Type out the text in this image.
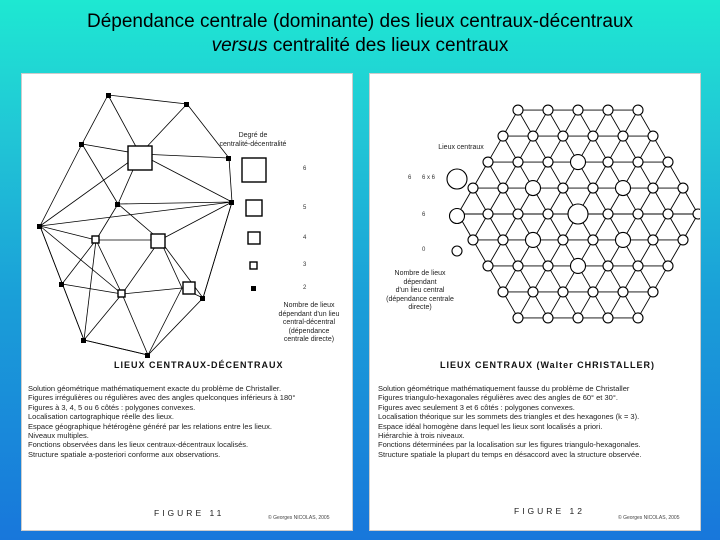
Dépendance centrale (dominante) des lieux centraux-décentraux
versus centralité des lieux centraux
Degré de
centralité-décentralité
6
5
4
3
2
Nombre de lieux
dépendant d'un lieu
central-décentral
(dépendance
centrale directe)
LIEUX CENTRAUX-DÉCENTRAUX
Solution géométrique mathématiquement exacte du problème de Christaller.
Figures irrégulières ou régulières avec des angles quelconques inférieurs à 180°
Figures à 3, 4, 5 ou 6 côtés : polygones convexes.
Localisation cartographique réelle des lieux.
Espace géographique hétérogène généré par les relations entre les lieux.
Niveaux multiples.
Fonctions observées dans les lieux centraux-décentraux localisés.
Structure spatiale a-posteriori conforme aux observations.
FIGURE 11	© Georges NICOLAS, 2005
Lieux centraux
6 6 x 6
6
0
Nombre de lieux
dépendant
d'un lieu central
(dépendance centrale
directe)
LIEUX CENTRAUX (Walter CHRISTALLER)
Solution géométrique mathématiquement fausse du problème de Christaller
Figures triangulo-hexagonales régulières avec des angles de 60° et 30°.
Figures avec seulement 3 et 6 côtés : polygones convexes.
Localisation théorique sur les sommets des triangles et des hexagones (k = 3).
Espace idéal homogène dans lequel les lieux sont localisés a priori.
Hiérarchie à trois niveaux.
Fonctions déterminées par la localisation sur les figures triangulo-hexagonales.
Structure spatiale la plupart du temps en désaccord avec la structure observée.
FIGURE 12
© Georges NICOLAS, 2005
